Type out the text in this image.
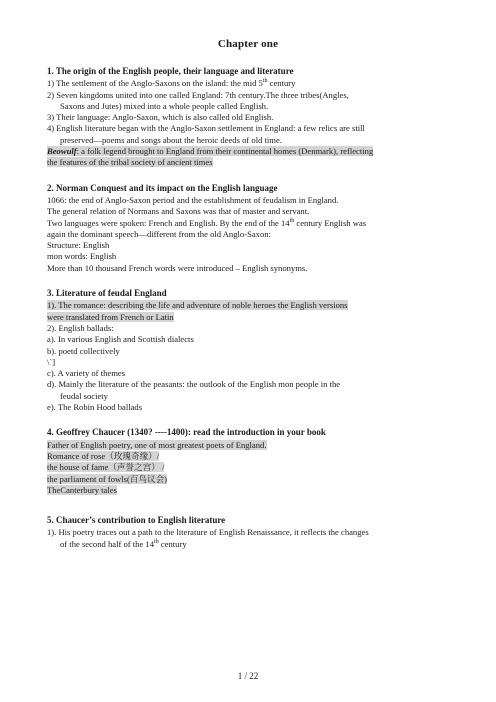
Chapter one
1. The origin of the English people, their language and literature
1) The settlement of the Anglo-Saxons on the island: the mid 5th century
2) Seven kingdoms united into one called England: 7th century.The three tribes(Angles,
Saxons and Jutes) mixed into a whole people called English.
3) Their language: Anglo-Saxon, which is also called old English.
4) English literature began with the Anglo-Saxon settlement in England: a few relics are still
preserved—poems and songs about the heroic deeds of old time.
Beowulf: a folk legend brought to England from their continental homes (Denmark), reflecting
the features of the tribal society of ancient times
2. Norman Conquest and its impact on the English language
1066: the end of Anglo-Saxon period and the establishment of feudalism in England.
The general relation of Normans and Saxons was that of master and servant.
Two languages were spoken: French and English. By the end of the 14th century English was
again the dominant speech—different from the old Anglo-Saxon:
Structure: English
mon words: English
More than 10 thousand French words were introduced – English synonyms.
3. Literature of feudal England
1). The romance: describing the life and adventure of noble heroes the English versions
were translated from French or Latin
2). English ballads:
a). In various English and Scottish dialects
b). poetd collectively
\`]
c). A variety of themes
d). Mainly the literature of the peasants: the outlook of the English mon people in the
feudal society
e). The Robin Hood ballads
4. Geoffrey Chaucer (1340? ----1400): read the introduction in your book
Father of English poetry, one of most greatest poets of England.
Romance of rose（玫瑰奇缘）/
the house of fame（声誉之宫） /
the parliament of fowls(百鸟议会)
TheCanterbury tales
5. Chaucer’s contribution to English literature
1). His poetry traces out a path to the literature of English Renaissance, it reflects the changes
of the second half of the 14th century
1 / 22
